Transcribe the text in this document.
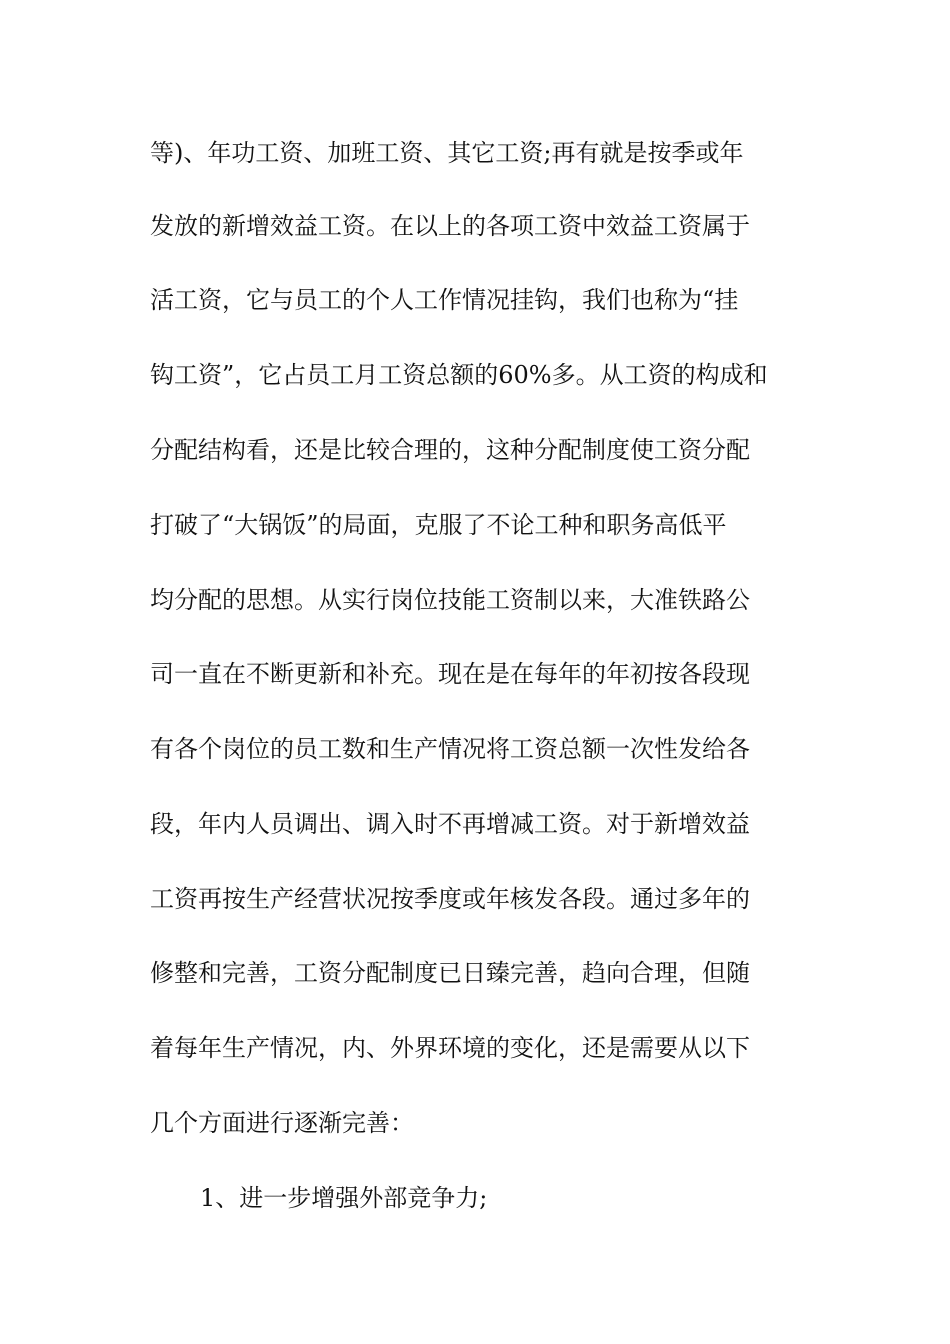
等)、年功工资、加班工资、其它工资;再有就是按季或年
发放的新增效益工资。在以上的各项工资中效益工资属于
活工资，它与员工的个人工作情况挂钩，我们也称为“挂
钩工资”，它占员工月工资总额的60%多。从工资的构成和
分配结构看，还是比较合理的，这种分配制度使工资分配
打破了“大锅饭”的局面，克服了不论工种和职务高低平
均分配的思想。从实行岗位技能工资制以来，大准铁路公
司一直在不断更新和补充。现在是在每年的年初按各段现
有各个岗位的员工数和生产情况将工资总额一次性发给各
段，年内人员调出、调入时不再增减工资。对于新增效益
工资再按生产经营状况按季度或年核发各段。通过多年的
修整和完善，工资分配制度已日臻完善，趋向合理，但随
着每年生产情况，内、外界环境的变化，还是需要从以下
几个方面进行逐渐完善：
1、进一步增强外部竞争力;
